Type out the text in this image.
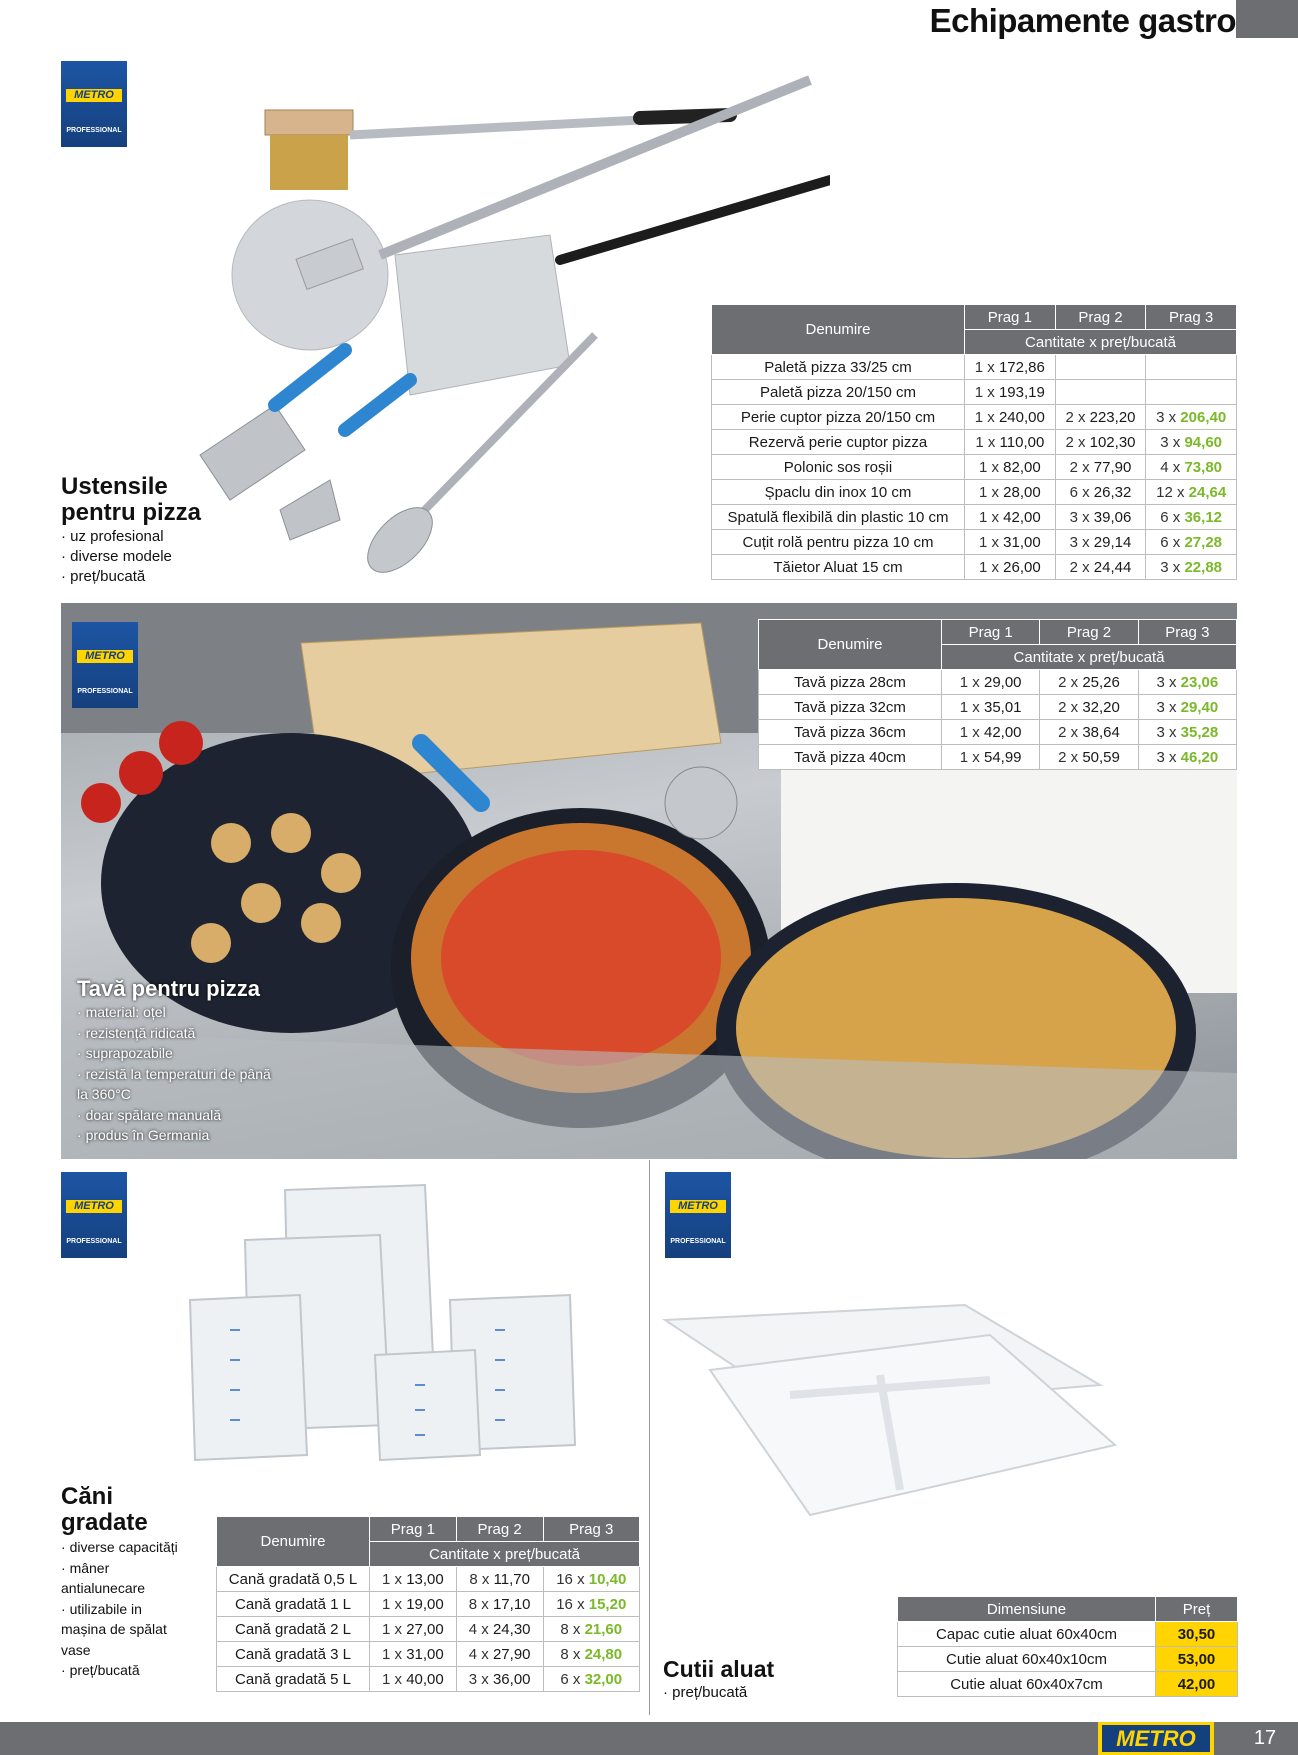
Echipamente gastro
METRO
PROFESSIONAL
Ustensile
pentru pizza
· uz profesional
· diverse modele
· preț/bucată
Denumire	Prag 1	Prag 2	Prag 3
	Cantitate x preț/bucată		
Paletă pizza 33/25 cm	1 x 172,86		
Paletă pizza 20/150 cm	1 x 193,19		
Perie cuptor pizza 20/150 cm	1 x 240,00	2 x 223,20	3 x 206,40
Rezervă perie cuptor pizza	1 x 110,00	2 x 102,30	3 x 94,60
Polonic sos roșii	1 x 82,00	2 x 77,90	4 x 73,80
Șpaclu din inox 10 cm	1 x 28,00	6 x 26,32	12 x 24,64
Spatulă flexibilă din plastic 10 cm	1 x 42,00	3 x 39,06	6 x 36,12
Cuțit rolă pentru pizza 10 cm	1 x 31,00	3 x 29,14	6 x 27,28
Tăietor Aluat 15 cm	1 x 26,00	2 x 24,44	3 x 22,88
METRO
PROFESSIONAL
Denumire	Prag 1	Prag 2	Prag 3
	Cantitate x preț/bucată		
Tavă pizza 28cm	1 x 29,00	2 x 25,26	3 x 23,06
Tavă pizza 32cm	1 x 35,01	2 x 32,20	3 x 29,40
Tavă pizza 36cm	1 x 42,00	2 x 38,64	3 x 35,28
Tavă pizza 40cm	1 x 54,99	2 x 50,59	3 x 46,20
Tavă pentru pizza
· material: oțel
· rezistență ridicată
· suprapozabile
· rezistă la temperaturi de până la 360°C
· doar spălare manuală
· produs în Germania
METRO
PROFESSIONAL
Căni
gradate
· diverse capacități
· mâner antialunecare
· utilizabile in mașina de spălat vase
· preț/bucată
Denumire	Prag 1	Prag 2	Prag 3
	Cantitate x preț/bucată		
Cană gradată 0,5 L	1 x 13,00	8 x 11,70	16 x 10,40
Cană gradată 1 L	1 x 19,00	8 x 17,10	16 x 15,20
Cană gradată 2 L	1 x 27,00	4 x 24,30	8 x 21,60
Cană gradată 3 L	1 x 31,00	4 x 27,90	8 x 24,80
Cană gradată 5 L	1 x 40,00	3 x 36,00	6 x 32,00
METRO
PROFESSIONAL
Cutii aluat
· preț/bucată
Dimensiune	Preț
Capac cutie aluat 60x40cm	30,50
Cutie aluat 60x40x10cm	53,00
Cutie aluat 60x40x7cm	42,00
METRO	17
